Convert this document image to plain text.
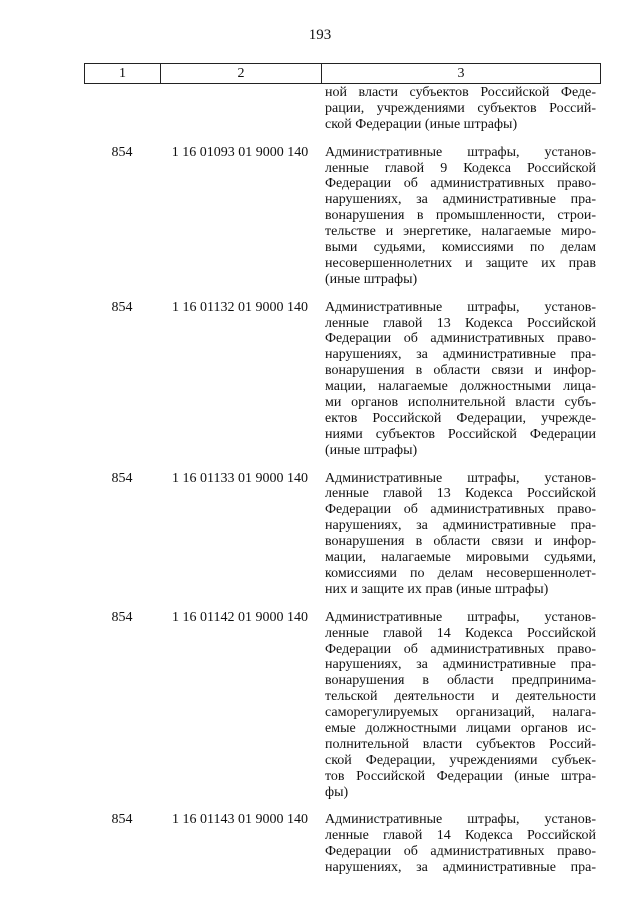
193
1	2	3
ной власти субъектов Российской Феде-
рации, учреждениями субъектов Россий-
ской Федерации (иные штрафы)
854	1 16 01093 01 9000 140	Административные штрафы, установ-
ленные главой 9 Кодекса Российской
Федерации об административных право-
нарушениях, за административные пра-
вонарушения в промышленности, строи-
тельстве и энергетике, налагаемые миро-
выми судьями, комиссиями по делам
несовершеннолетних и защите их прав
(иные штрафы)
854	1 16 01132 01 9000 140	Административные штрафы, установ-
ленные главой 13 Кодекса Российской
Федерации об административных право-
нарушениях, за административные пра-
вонарушения в области связи и инфор-
мации, налагаемые должностными лица-
ми органов исполнительной власти субъ-
ектов Российской Федерации, учрежде-
ниями субъектов Российской Федерации
(иные штрафы)
854	1 16 01133 01 9000 140	Административные штрафы, установ-
ленные главой 13 Кодекса Российской
Федерации об административных право-
нарушениях, за административные пра-
вонарушения в области связи и инфор-
мации, налагаемые мировыми судьями,
комиссиями по делам несовершеннолет-
них и защите их прав (иные штрафы)
854	1 16 01142 01 9000 140	Административные штрафы, установ-
ленные главой 14 Кодекса Российской
Федерации об административных право-
нарушениях, за административные пра-
вонарушения в области предпринима-
тельской деятельности и деятельности
саморегулируемых организаций, налага-
емые должностными лицами органов ис-
полнительной власти субъектов Россий-
ской Федерации, учреждениями субъек-
тов Российской Федерации (иные штра-
фы)
854	1 16 01143 01 9000 140	Административные штрафы, установ-
ленные главой 14 Кодекса Российской
Федерации об административных право-
нарушениях, за административные пра-
